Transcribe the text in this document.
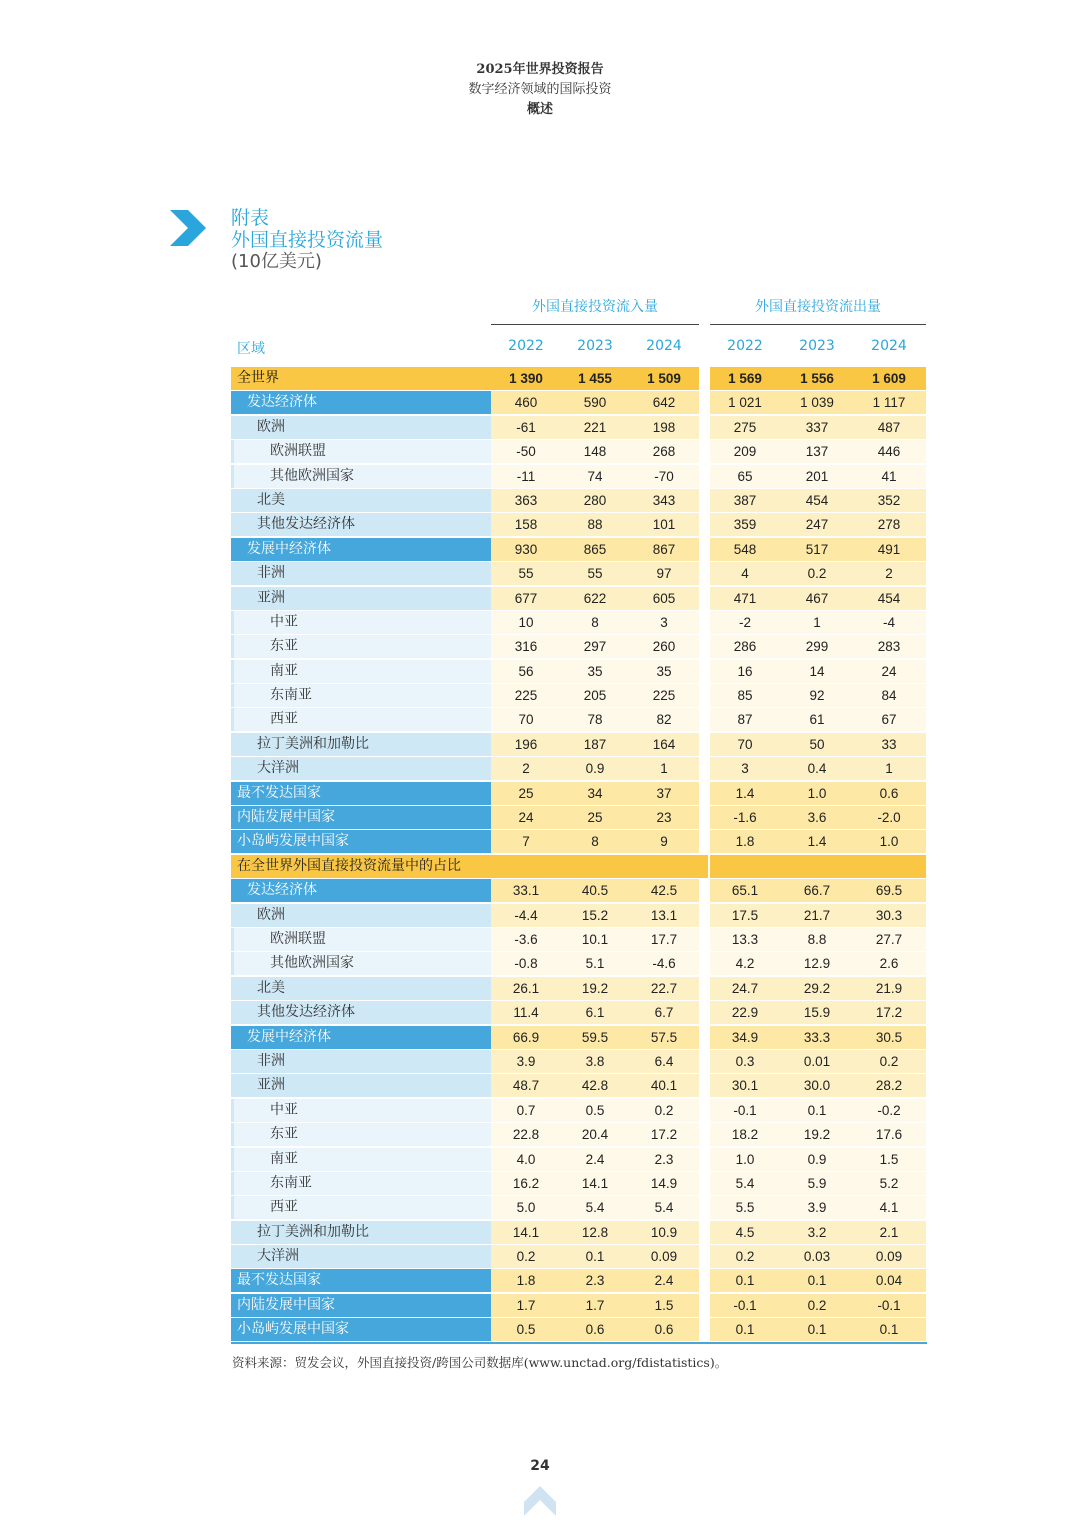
2025年世界投资报告
数字经济领域的国际投资
概述
附表
外国直接投资流量
(10亿美元)
外国直接投资流入量	外国直接投资流出量
区域	2022	2023	2024	2022	2023	2024
全世界	1 390	1 455	1 509	1 569	1 556	1 609
发达经济体	460	590	642	1 021	1 039	1 117
欧洲	-61	221	198	275	337	487
欧洲联盟	-50	148	268	209	137	446
其他欧洲国家	-11	74	-70	65	201	41
北美	363	280	343	387	454	352
其他发达经济体	158	88	101	359	247	278
发展中经济体	930	865	867	548	517	491
非洲	55	55	97	4	0.2	2
亚洲	677	622	605	471	467	454
中亚	10	8	3	-2	1	-4
东亚	316	297	260	286	299	283
南亚	56	35	35	16	14	24
东南亚	225	205	225	85	92	84
西亚	70	78	82	87	61	67
拉丁美洲和加勒比	196	187	164	70	50	33
大洋洲	2	0.9	1	3	0.4	1
最不发达国家	25	34	37	1.4	1.0	0.6
内陆发展中国家	24	25	23	-1.6	3.6	-2.0
小岛屿发展中国家	7	8	9	1.8	1.4	1.0
在全世界外国直接投资流量中的占比
发达经济体	33.1	40.5	42.5	65.1	66.7	69.5
欧洲	-4.4	15.2	13.1	17.5	21.7	30.3
欧洲联盟	-3.6	10.1	17.7	13.3	8.8	27.7
其他欧洲国家	-0.8	5.1	-4.6	4.2	12.9	2.6
北美	26.1	19.2	22.7	24.7	29.2	21.9
其他发达经济体	11.4	6.1	6.7	22.9	15.9	17.2
发展中经济体	66.9	59.5	57.5	34.9	33.3	30.5
非洲	3.9	3.8	6.4	0.3	0.01	0.2
亚洲	48.7	42.8	40.1	30.1	30.0	28.2
中亚	0.7	0.5	0.2	-0.1	0.1	-0.2
东亚	22.8	20.4	17.2	18.2	19.2	17.6
南亚	4.0	2.4	2.3	1.0	0.9	1.5
东南亚	16.2	14.1	14.9	5.4	5.9	5.2
西亚	5.0	5.4	5.4	5.5	3.9	4.1
拉丁美洲和加勒比	14.1	12.8	10.9	4.5	3.2	2.1
大洋洲	0.2	0.1	0.09	0.2	0.03	0.09
最不发达国家	1.8	2.3	2.4	0.1	0.1	0.04
内陆发展中国家	1.7	1.7	1.5	-0.1	0.2	-0.1
小岛屿发展中国家	0.5	0.6	0.6	0.1	0.1	0.1
资料来源：贸发会议，外国直接投资/跨国公司数据库(www.unctad.org/fdistatistics)。
24
